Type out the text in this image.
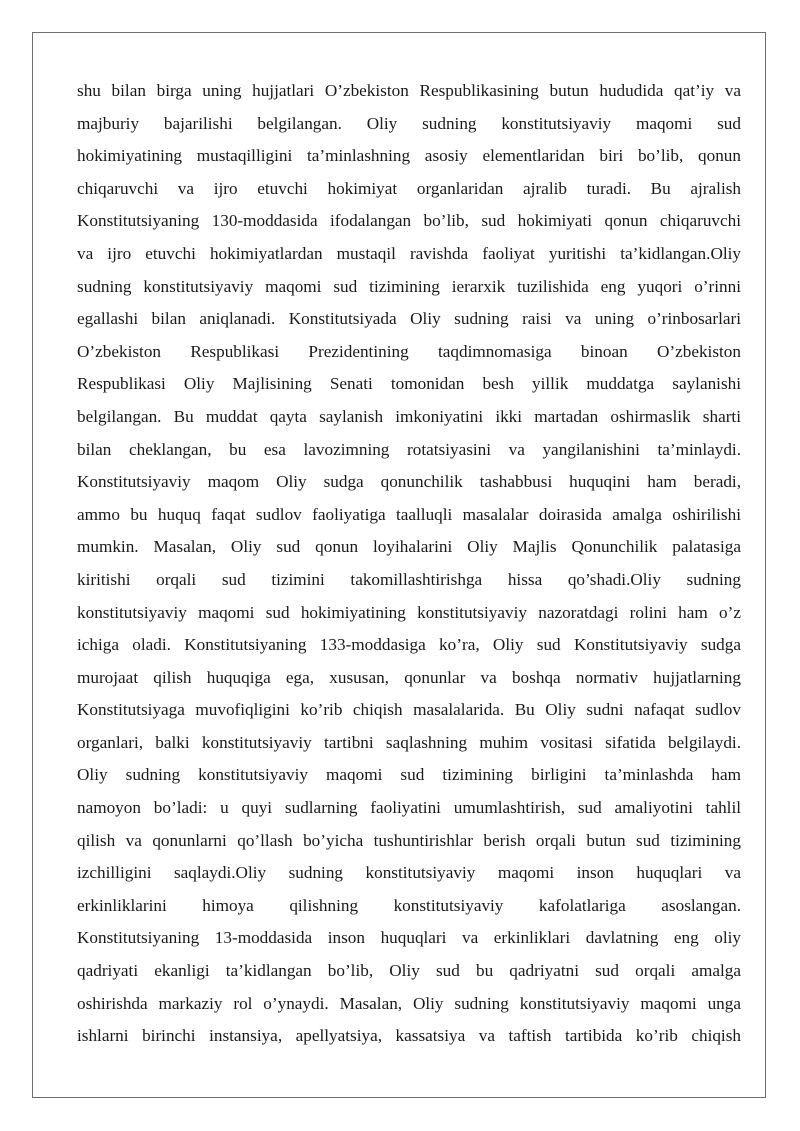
shu bilan birga uning hujjatlari O’zbekiston Respublikasining butun hududida qat’iy va
majburiy bajarilishi belgilangan. Oliy sudning konstitutsiyaviy maqomi sud
hokimiyatining mustaqilligini ta’minlashning asosiy elementlaridan biri bo’lib, qonun
chiqaruvchi va ijro etuvchi hokimiyat organlaridan ajralib turadi. Bu ajralish
Konstitutsiyaning 130-moddasida ifodalangan bo’lib, sud hokimiyati qonun chiqaruvchi
va ijro etuvchi hokimiyatlardan mustaqil ravishda faoliyat yuritishi ta’kidlangan.Oliy
sudning konstitutsiyaviy maqomi sud tizimining ierarxik tuzilishida eng yuqori o’rinni
egallashi bilan aniqlanadi. Konstitutsiyada Oliy sudning raisi va uning o’rinbosarlari
O’zbekiston Respublikasi Prezidentining taqdimnomasiga binoan O’zbekiston
Respublikasi Oliy Majlisining Senati tomonidan besh yillik muddatga saylanishi
belgilangan. Bu muddat qayta saylanish imkoniyatini ikki martadan oshirmaslik sharti
bilan cheklangan, bu esa lavozimning rotatsiyasini va yangilanishini ta’minlaydi.
Konstitutsiyaviy maqom Oliy sudga qonunchilik tashabbusi huquqini ham beradi,
ammo bu huquq faqat sudlov faoliyatiga taalluqli masalalar doirasida amalga oshirilishi
mumkin. Masalan, Oliy sud qonun loyihalarini Oliy Majlis Qonunchilik palatasiga
kiritishi orqali sud tizimini takomillashtirishga hissa qo’shadi.Oliy sudning
konstitutsiyaviy maqomi sud hokimiyatining konstitutsiyaviy nazoratdagi rolini ham o’z
ichiga oladi. Konstitutsiyaning 133-moddasiga ko’ra, Oliy sud Konstitutsiyaviy sudga
murojaat qilish huquqiga ega, xususan, qonunlar va boshqa normativ hujjatlarning
Konstitutsiyaga muvofiqligini ko’rib chiqish masalalarida. Bu Oliy sudni nafaqat sudlov
organlari, balki konstitutsiyaviy tartibni saqlashning muhim vositasi sifatida belgilaydi.
Oliy sudning konstitutsiyaviy maqomi sud tizimining birligini ta’minlashda ham
namoyon bo’ladi: u quyi sudlarning faoliyatini umumlashtirish, sud amaliyotini tahlil
qilish va qonunlarni qo’llash bo’yicha tushuntirishlar berish orqali butun sud tizimining
izchilligini saqlaydi.Oliy sudning konstitutsiyaviy maqomi inson huquqlari va
erkinliklarini himoya qilishning konstitutsiyaviy kafolatlariga asoslangan.
Konstitutsiyaning 13-moddasida inson huquqlari va erkinliklari davlatning eng oliy
qadriyati ekanligi ta’kidlangan bo’lib, Oliy sud bu qadriyatni sud orqali amalga
oshirishda markaziy rol o’ynaydi. Masalan, Oliy sudning konstitutsiyaviy maqomi unga
ishlarni birinchi instansiya, apellyatsiya, kassatsiya va taftish tartibida ko’rib chiqish
